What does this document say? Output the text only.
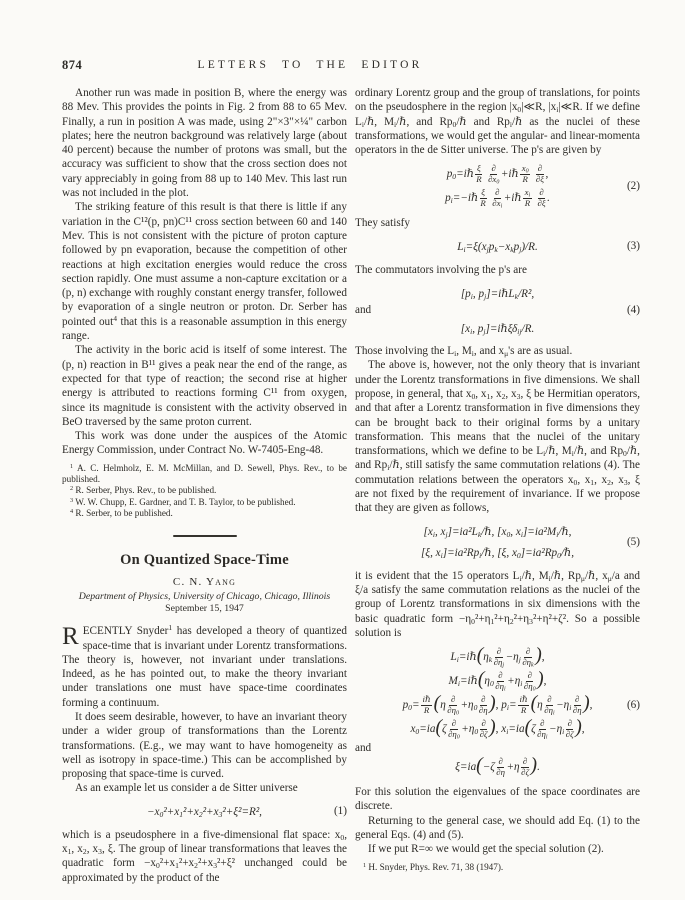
874	LETTERS TO THE EDITOR

Another run was made in position B, where the energy was 88 Mev. This provides the points in Fig. 2 from 88 to 65 Mev. Finally, a run in position A was made, using 2"×3"×¼" carbon plates; here the neutron background was relatively large (about 40 percent) because the number of protons was small, but the accuracy was sufficient to show that the cross section does not vary appreciably in going from 88 up to 140 Mev. This last run was not included in the plot.

The striking feature of this result is that there is little if any variation in the C¹²(p, pn)C¹¹ cross section between 60 and 140 Mev. This is not consistent with the picture of proton capture followed by pn evaporation, because the competition of other reactions at high excitation energies would reduce the cross section rapidly. One must assume a non-capture excitation or a (p, n) exchange with roughly constant energy transfer, followed by evaporation of a single neutron or proton. Dr. Serber has pointed out$^4$ that this is a reasonable assumption in this energy range.

The activity in the boric acid is itself of some interest. The (p, n) reaction in B¹¹ gives a peak near the end of the range, as expected for that type of reaction; the second rise at higher energy is attributed to reactions forming C¹¹ from oxygen, since its magnitude is consistent with the activity observed in BeO traversed by the same proton current.

This work was done under the auspices of the Atomic Energy Commission, under Contract No. W-7405-Eng-48.

$^1$ A. C. Helmholz, E. M. McMillan, and D. Sewell, Phys. Rev., to be published.

$^2$ R. Serber, Phys. Rev., to be published.

$^3$ W. W. Chupp, E. Gardner, and T. B. Taylor, to be published.

$^4$ R. Serber, to be published.

On Quantized Space-Time

C. N. Yang

Department of Physics, University of Chicago, Chicago, Illinois

September 15, 1947

RECENTLY Snyder$^1$ has developed a theory of quantized space-time that is invariant under Lorentz transformations. The theory is, however, not invariant under translations. Indeed, as he has pointed out, to make the theory invariant under translations one must have space-time coordinates forming a continuum.

It does seem desirable, however, to have an invariant theory under a wider group of transformations than the Lorentz transformations. (E.g., we may want to have homogeneity as well as isotropy in space-time.) This can be accomplished by proposing that space-time is curved.

As an example let us consider a de Sitter universe

$-x_0^2+x_1^2+x_2^2+x_3^2+\xi^2=R^2$,	(1)

which is a pseudosphere in a five-dimensional flat space: $x_0$, $x_1$, $x_2$, $x_3$, ξ. The group of linear transformations that leaves the quadratic form $-x_0^2+x_1^2+x_2^2+x_3^2+\xi^2$ unchanged could be approximated by the product of the

ordinary Lorentz group and the group of translations, for points on the pseudosphere in the region $|x_0|≪R$, $|x_i|≪R$. If we define $L_i/\hbar$, $M_i/\hbar$, and $Rp_0/\hbar$ and $Rp_i/\hbar$ as the nuclei of these transformations, we would get the angular- and linear-momenta operators in the de Sitter universe. The p's are given by

(2)
$p_0=i\hbar \frac{\xi}{R}$
$\frac{\partial}{\partial x_0}$ +iℏ $\frac{x_0}{R}$
$\frac{\partial}{\partial\xi}$ ,
$p_i=-i\hbar \frac{\xi}{R}$
$\frac{\partial}{\partial x_i}$ +iℏ $\frac{x_i}{R}$
$\frac{\partial}{\partial\xi}$ .

They satisfy

$L_i=\xi(x_jp_k-x_kp_j)/R$.	(3)

The commutators involving the p's are

(4)
[$p_i$, $p_j]=i\hbar L_k/R^2$,
and
[$x_i$, $p_j]=i\hbar\xi\delta_{ij}/R$.

Those involving the $L_i$, $M_i$, and $x_\mu's$ are as usual.

The above is, however, not the only theory that is invariant under the Lorentz transformations in five dimensions. We shall propose, in general, that $x_0$, $x_1$, $x_2$, $x_3$, ξ be Hermitian operators, and that after a Lorentz transformation in five dimensions they can be brought back to their original forms by a unitary transformation. This means that the nuclei of the unitary transformations, which we define to be $L_i/\hbar$, $M_i/\hbar$, and $Rp_0/\hbar$, and $Rp_i/\hbar$, still satisfy the same commutation relations (4). The commutation relations between the operators $x_0$, $x_1$, $x_2$, $x_3$, ξ are not fixed by the requirement of invariance. If we propose that they are given as follows,

(5)
[$x_i$, $x_j]=ia^2L_k/\hbar$, [$x_0$, $x_i]=ia^2M_i/\hbar$,
[ξ, $x_i]=ia^2Rp_i/\hbar$, [ξ, $x_0]=ia^2Rp_0/\hbar$,

it is evident that the 15 operators $L_i/\hbar$, $M_i/\hbar$, $Rp_\mu/\hbar$, $x_\mu/a$ and ξ/a satisfy the same commutation relations as the nuclei of the group of Lorentz transformations in six dimensions with the basic quadratic form $-\eta_0^2+\eta_1^2+\eta_2^2+\eta_3^2+\eta^2+\zeta^2$. So a possible solution is

$L_i=i\hbar(\eta_k \frac{\partial}{\partial\eta_j} -\eta_j \frac{\partial}{\partial\eta_k}$ ),
$M_i=i\hbar(\eta_0 \frac{\partial}{\partial\eta_i} +\eta_i \frac{\partial}{\partial\eta_0}$ ),
$p_0= \frac{\text{iℏ}}{R} (\eta \frac{\partial}{\partial\eta_0} +\eta_0 \frac{\partial}{\partial\eta}$ ), $p_i= \frac{\text{iℏ}}{R} (\eta \frac{\partial}{\partial\eta_i} -\eta_i \frac{\partial}{\partial\eta}$ ),	(6)
$x_0=ia(\zeta \frac{\partial}{\partial\eta_0} +\eta_0 \frac{\partial}{\partial\zeta}$ ), $x_i=ia(\zeta \frac{\partial}{\partial\eta_i} -\eta_i \frac{\partial}{\partial\zeta}$ ),
and
$\xi=ia(-\zeta \frac{\partial}{\partial\eta} +\eta \frac{\partial}{\partial\zeta}$ ).

For this solution the eigenvalues of the space coordinates are discrete.

Returning to the general case, we should add Eq. (1) to the general Eqs. (4) and (5).

If we put R=∞ we would get the special solution (2).

$^1$ H. Snyder, Phys. Rev. 71, 38 (1947).
